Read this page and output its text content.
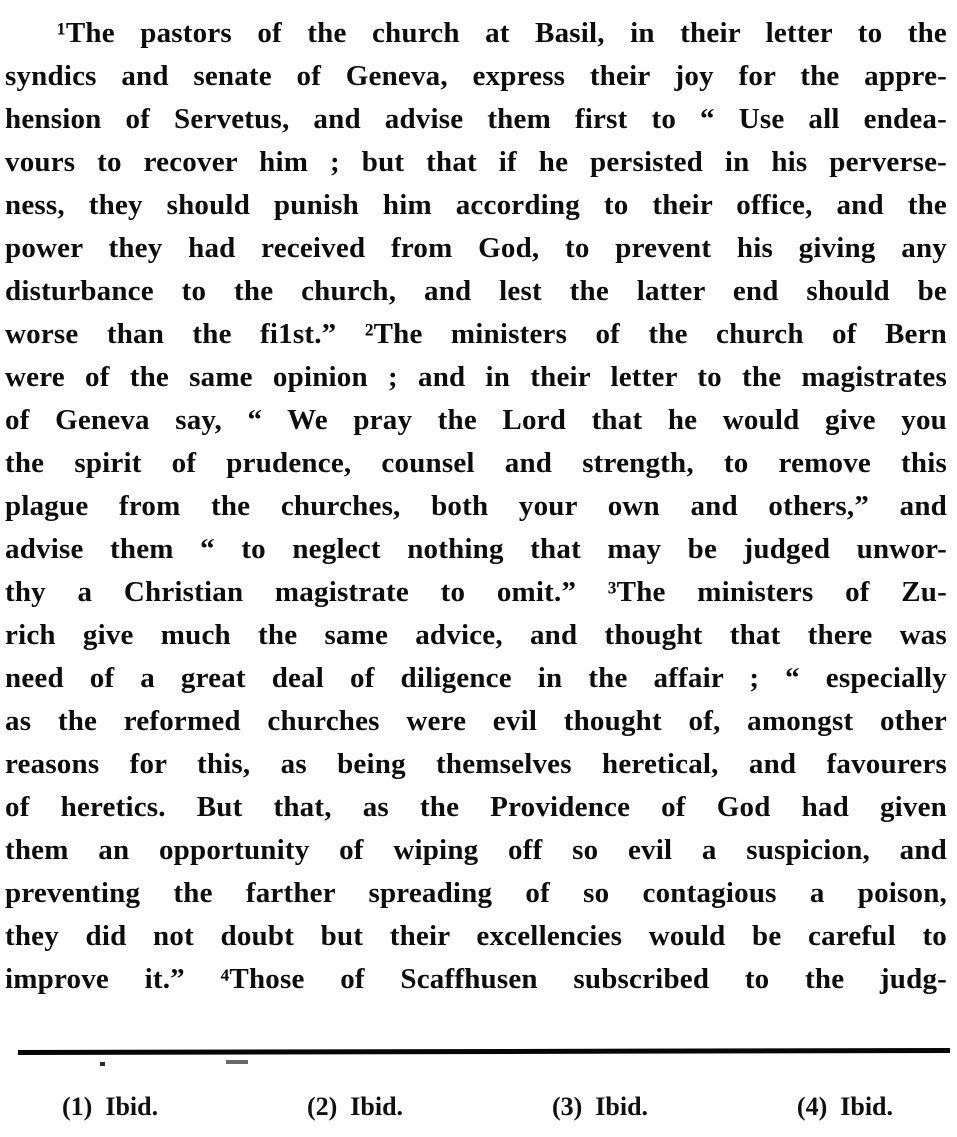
¹The pastors of the church at Basil, in their letter to the
syndics and senate of Geneva, express their joy for the appre-
hension of Servetus, and advise them first to “ Use all endea-
vours to recover him ; but that if he persisted in his perverse-
ness, they should punish him according to their office, and the
power they had received from God, to prevent his giving any
disturbance to the church, and lest the latter end should be
worse than the fi1st.” ²The ministers of the church of Bern
were of the same opinion ; and in their letter to the magistrates
of Geneva say, “ We pray the Lord that he would give you
the spirit of prudence, counsel and strength, to remove this
plague from the churches, both your own and others,” and
advise them “ to neglect nothing that may be judged unwor-
thy a Christian magistrate to omit.” ³The ministers of Zu-
rich give much the same advice, and thought that there was
need of a great deal of diligence in the affair ; “ especially
as the reformed churches were evil thought of, amongst other
reasons for this, as being themselves heretical, and favourers
of heretics. But that, as the Providence of God had given
them an opportunity of wiping off so evil a suspicion, and
preventing the farther spreading of so contagious a poison,
they did not doubt but their excellencies would be careful to
improve it.” ⁴Those of Scaffhusen subscribed to the judg-
(1) Ibid.	(2) Ibid.	(3) Ibid.	(4) Ibid.
